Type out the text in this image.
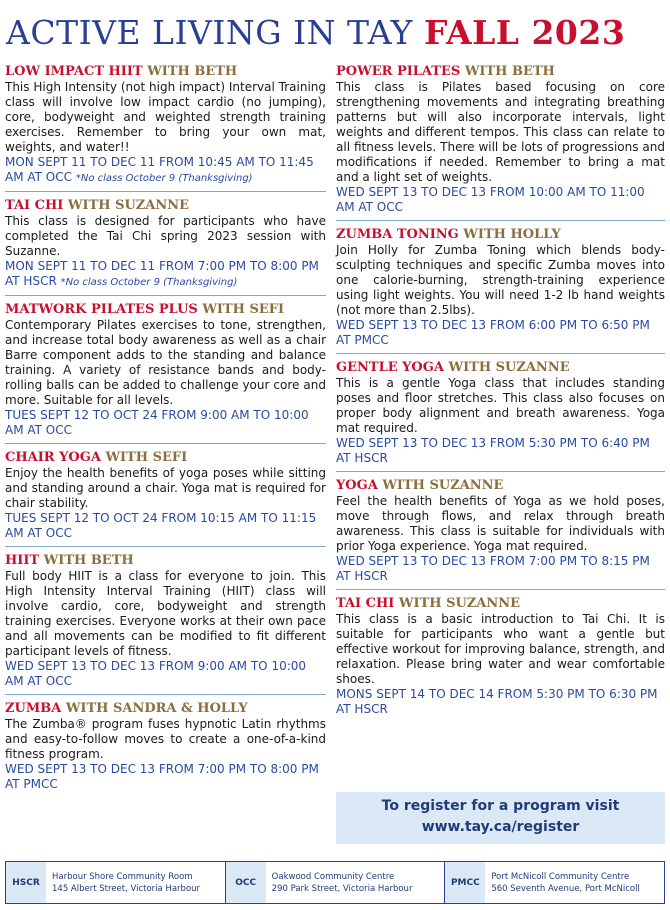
ACTIVE LIVING IN TAY FALL 2023
LOW IMPACT HIIT WITH BETH
This High Intensity (not high impact) Interval Training class will involve low impact cardio (no jumping), core, bodyweight and weighted strength training exercises. Remember to bring your own mat, weights, and water!!
MON SEPT 11 TO DEC 11 FROM 10:45 AM TO 11:45 AM AT OCC *No class October 9 (Thanksgiving)
TAI CHI WITH SUZANNE
This class is designed for participants who have completed the Tai Chi spring 2023 session with Suzanne.
MON SEPT 11 TO DEC 11 FROM 7:00 PM TO 8:00 PM AT HSCR *No class October 9 (Thanksgiving)
MATWORK PILATES PLUS WITH SEFI
Contemporary Pilates exercises to tone, strengthen, and increase total body awareness as well as a chair Barre component adds to the standing and balance training. A variety of resistance bands and body-rolling balls can be added to challenge your core and more. Suitable for all levels.
TUES SEPT 12 TO OCT 24 FROM 9:00 AM TO 10:00 AM AT OCC
CHAIR YOGA WITH SEFI
Enjoy the health benefits of yoga poses while sitting and standing around a chair. Yoga mat is required for chair stability.
TUES SEPT 12 TO OCT 24 FROM 10:15 AM TO 11:15 AM AT OCC
HIIT WITH BETH
Full body HIIT is a class for everyone to join. This High Intensity Interval Training (HIIT) class will involve cardio, core, bodyweight and strength training exercises. Everyone works at their own pace and all movements can be modified to fit different participant levels of fitness.
WED SEPT 13 TO DEC 13 FROM 9:00 AM TO 10:00 AM AT OCC
ZUMBA WITH SANDRA & HOLLY
The Zumba® program fuses hypnotic Latin rhythms and easy-to-follow moves to create a one-of-a-kind fitness program.
WED SEPT 13 TO DEC 13 FROM 7:00 PM TO 8:00 PM AT PMCC
POWER PILATES WITH BETH
This class is Pilates based focusing on core strengthening movements and integrating breathing patterns but will also incorporate intervals, light weights and different tempos. This class can relate to all fitness levels. There will be lots of progressions and modifications if needed. Remember to bring a mat and a light set of weights.
WED SEPT 13 TO DEC 13 FROM 10:00 AM TO 11:00 AM AT OCC
ZUMBA TONING WITH HOLLY
Join Holly for Zumba Toning which blends body-sculpting techniques and specific Zumba moves into one calorie-burning, strength-training experience using light weights. You will need 1-2 lb hand weights (not more than 2.5lbs).
WED SEPT 13 TO DEC 13 FROM 6:00 PM TO 6:50 PM AT PMCC
GENTLE YOGA WITH SUZANNE
This is a gentle Yoga class that includes standing poses and floor stretches. This class also focuses on proper body alignment and breath awareness. Yoga mat required.
WED SEPT 13 TO DEC 13 FROM 5:30 PM TO 6:40 PM AT HSCR
YOGA WITH SUZANNE
Feel the health benefits of Yoga as we hold poses, move through flows, and relax through breath awareness. This class is suitable for individuals with prior Yoga experience. Yoga mat required.
WED SEPT 13 TO DEC 13 FROM 7:00 PM TO 8:15 PM AT HSCR
TAI CHI WITH SUZANNE
This class is a basic introduction to Tai Chi. It is suitable for participants who want a gentle but effective workout for improving balance, strength, and relaxation. Please bring water and wear comfortable shoes.
MONS SEPT 14 TO DEC 14 FROM 5:30 PM TO 6:30 PM AT HSCR
To register for a program visit
www.tay.ca/register
HSCR
Harbour Shore Community Room
145 Albert Street, Victoria Harbour
OCC
Oakwood Community Centre
290 Park Street, Victoria Harbour
PMCC
Port McNicoll Community Centre
560 Seventh Avenue, Port McNicoll
